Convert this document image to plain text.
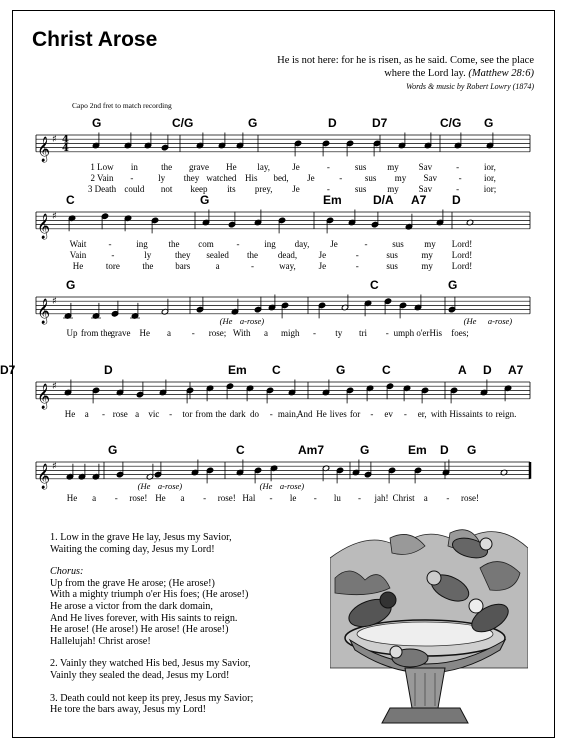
Christ Arose
He is not here: for he is risen, as he said. Come, see the place where the Lord lay. (Matthew 28:6)
Words & music by Robert Lowry (1874)
Capo 2nd fret to match recording
𝄞 ♯ 4
4
𝄞 ♯
𝄞 ♯
𝄞 ♯
𝄞 ♯
G	C/G	G	D	D7	C/G G
C	G	Em	D/A A7 D
G	C	G
D	Em C	G	C	A D A7
D7
G	C	Am7	G	Em D G
1 Low in	the grave He lay, Je	-	sus my Sav	-	ior,
2 Vain -	ly they watched His bed, Je	-	sus my Sav - ior,
3 Death could not keep its prey, Je	-	sus my Sav	-	ior;
Wait -	ing the com	-	ing day, Je	-	sus my Lord!
Vain	-	ly	they sealed the dead, Je	-	sus	my Lord!
He	tore the bars	a	-	way,	Je	-	sus	my Lord!
Up from the
grave He a - rose; With a migh - ty tri - umph o'er His foes;
(He a-rose)	(He a-rose)
He a - rose a vic - tor from the dark do - main,
And He lives for - ev - er, with His saints to reign.
He a - rose! He a - rose! Hal - le - lu - jah! Christ a - rose!
(He a-rose)	(He a-rose)

1. Low in the grave He lay, Jesus my Savior,
Waiting the coming day, Jesus my Lord!

Chorus:
Up from the grave He arose; (He arose!)
With a mighty triumph o'er His foes; (He arose!)
He arose a victor from the dark domain,
And He lives forever, with His saints to reign.
He arose! (He arose!) He arose! (He arose!)
Hallelujah! Christ arose!

2. Vainly they watched His bed, Jesus my Savior,
Vainly they sealed the dead, Jesus my Lord!

3. Death could not keep its prey, Jesus my Savior;
He tore the bars away, Jesus my Lord!
